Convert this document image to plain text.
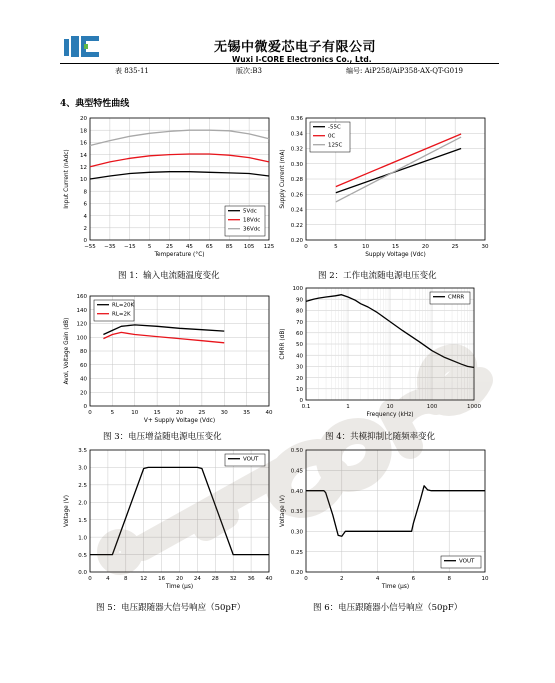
无锡中微爱芯电子有限公司
Wuxi I-CORE Electronics Co., Ltd.
表 835-11	版次:B3	编号: AiP258/AiP358-AX-QT-G019
4、典型特性曲线
0
2
4
6
8
10
12
14
16
18
20
−55 −35 −15 5	25 45 65 85 105 125
Temperature (°C)
Input Current (nAdc)
5Vdc
18Vdc
36Vdc
0.20
0.22
0.24
0.26
0.28
0.30
0.32
0.34
0.36
0	5	10	15	20	25	30
Supply Voltage (Vdc)
Supply Current (mA)
-55C
0C
125C
0
20
40
60
80
100
120
140
160
0	5	10	15	20	25	30	35	40
V+ Supply Voltage (Vdc)
Avol, Voltage Gain (dB)
RL=20K
RL=2K
0
10
20
30
40
50
60
70
80
90
100
0.1	1	10	100	1000
Frequency (kHz)
CMRR (dB)
CMRR
0.0
0.5
1.0
1.5
2.0
2.5
3.0
3.5
0	4	8 12 16 20 24 28 32 36 40
Time (μs)
Voltage (V)
VOUT
0.20
0.25
0.30
0.35
0.40
0.45
0.50
0	2	4	6	8	10
Time (μs)
Voltage (V)
VOUT
图 1：输入电流随温度变化	图 2：工作电流随电源电压变化
图 3：电压增益随电源电压变化	图 4：共模抑制比随频率变化
图 5：电压跟随器大信号响应（50pF）	图 6：电压跟随器小信号响应（50pF）
